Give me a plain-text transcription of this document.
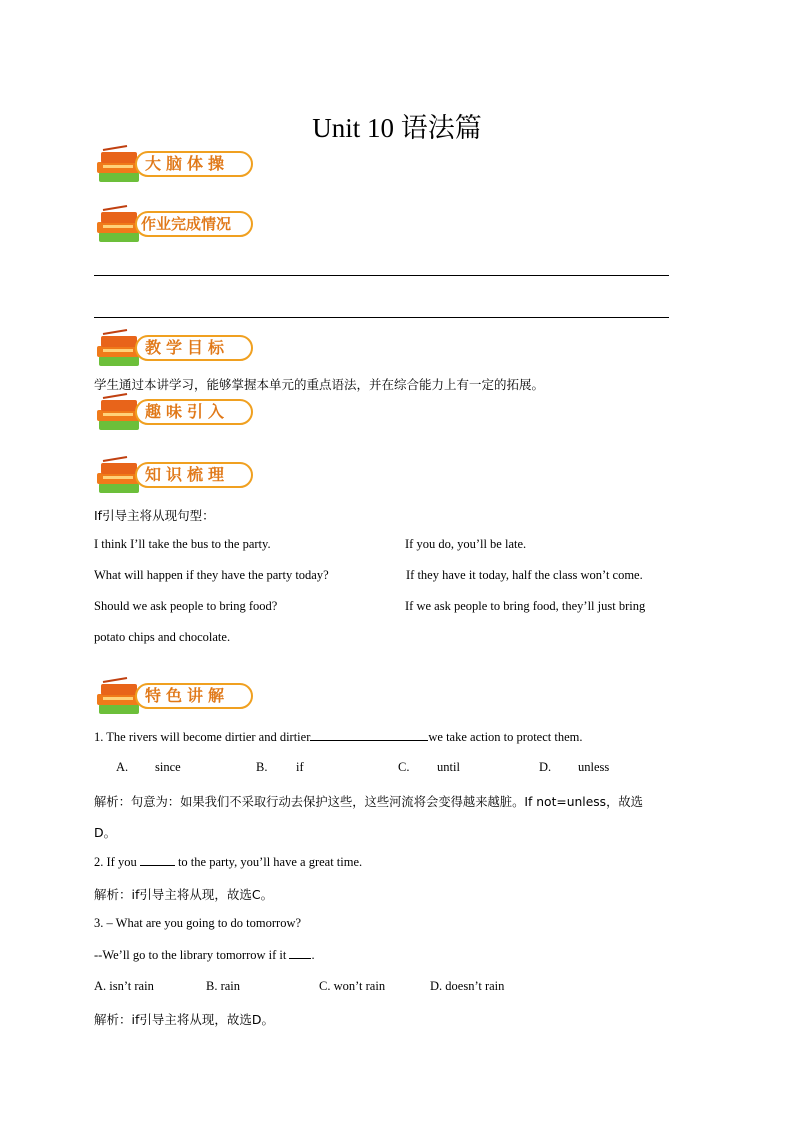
Unit 10 语法篇
大脑体操
作业完成情况
教学目标
学生通过本讲学习，能够掌握本单元的重点语法，并在综合能力上有一定的拓展。
趣味引入
知识梳理
If引导主将从现句型：
I think I’ll take the bus to the party.	If you do, you’ll be late.
What will happen if they have the party today?	If they have it today, half the class won’t come.
Should we ask people to bring food?	If we ask people to bring food, they’ll just bring
potato chips and chocolate.
特色讲解
1. The rivers will become dirtier and dirtier	we take action to protect them.
A. since	B. if	C. until	D. unless
解析：句意为：如果我们不采取行动去保护这些，这些河流将会变得越来越脏。If not=unless，故选
D。
2. If you	to the party, you’ll have a great time.
解析：if引导主将从现，故选C。
3. – What are you going to do tomorrow?
--We’ll go to the library tomorrow if it .
A. isn’t rain	B. rain	C. won’t rain	D. doesn’t rain
解析：if引导主将从现，故选D。
